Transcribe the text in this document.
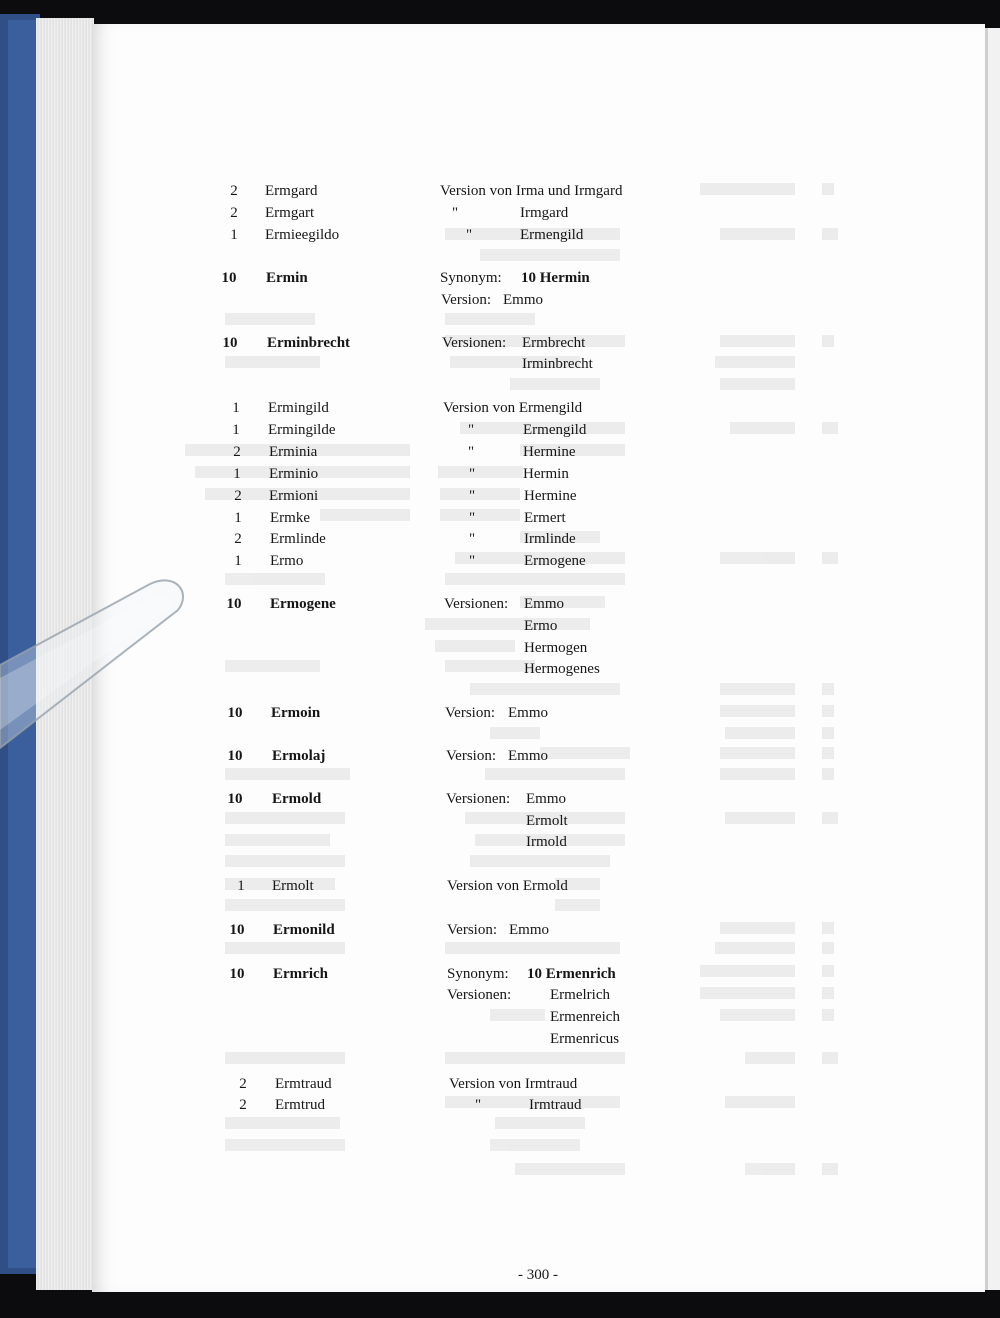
2	Ermgard	Version von Irma und Irmgard
2	Ermgart	"	Irmgard
1	Ermieegildo	"	Ermengild
10	Ermin	Synonym: 10 Hermin
Version: Emmo
10	Erminbrecht	Versionen: Ermbrecht
Irminbrecht
1	Ermingild	Version von Ermengild
1	Ermingilde	"	Ermengild
2	Erminia	"	Hermine
1	Erminio	"	Hermin
2	Ermioni	"	Hermine
1	Ermke	"	Ermert
2	Ermlinde	"	Irmlinde
1	Ermo	"	Ermogene
10	Ermogene	Versionen: Emmo
Ermo
Hermogen
Hermogenes
10	Ermoin	Version: Emmo
10	Ermolaj	Version: Emmo
10	Ermold	Versionen: Emmo
Ermolt
Irmold
1	Ermolt	Version von Ermold
10	Ermonild	Version: Emmo
10	Ermrich	Synonym: 10 Ermenrich
Versionen:	Ermelrich
Ermenreich
Ermenricus
2	Ermtraud	Version von Irmtraud
2	Ermtrud	"	Irmtraud
- 300 -
